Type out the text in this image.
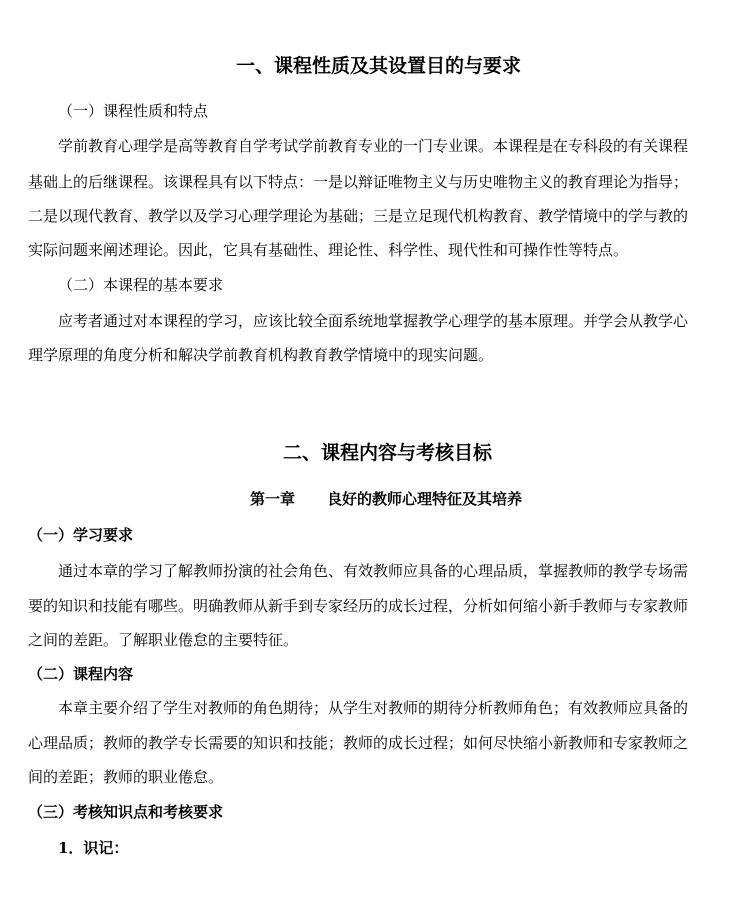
一、课程性质及其设置目的与要求
（一）课程性质和特点
学前教育心理学是高等教育自学考试学前教育专业的一门专业课。本课程是在专科段的有关课程
基础上的后继课程。该课程具有以下特点：一是以辩证唯物主义与历史唯物主义的教育理论为指导；
二是以现代教育、教学以及学习心理学理论为基础；三是立足现代机构教育、教学情境中的学与教的
实际问题来阐述理论。因此，它具有基础性、理论性、科学性、现代性和可操作性等特点。
（二）本课程的基本要求
应考者通过对本课程的学习，应该比较全面系统地掌握教学心理学的基本原理。并学会从教学心
理学原理的角度分析和解决学前教育机构教育教学情境中的现实问题。
二、课程内容与考核目标
第一章 良好的教师心理特征及其培养
（一）学习要求
通过本章的学习了解教师扮演的社会角色、有效教师应具备的心理品质，掌握教师的教学专场需
要的知识和技能有哪些。明确教师从新手到专家经历的成长过程，分析如何缩小新手教师与专家教师
之间的差距。了解职业倦怠的主要特征。
（二）课程内容
本章主要介绍了学生对教师的角色期待；从学生对教师的期待分析教师角色；有效教师应具备的
心理品质；教师的教学专长需要的知识和技能；教师的成长过程；如何尽快缩小新教师和专家教师之
间的差距；教师的职业倦怠。
（三）考核知识点和考核要求
1．识记：
